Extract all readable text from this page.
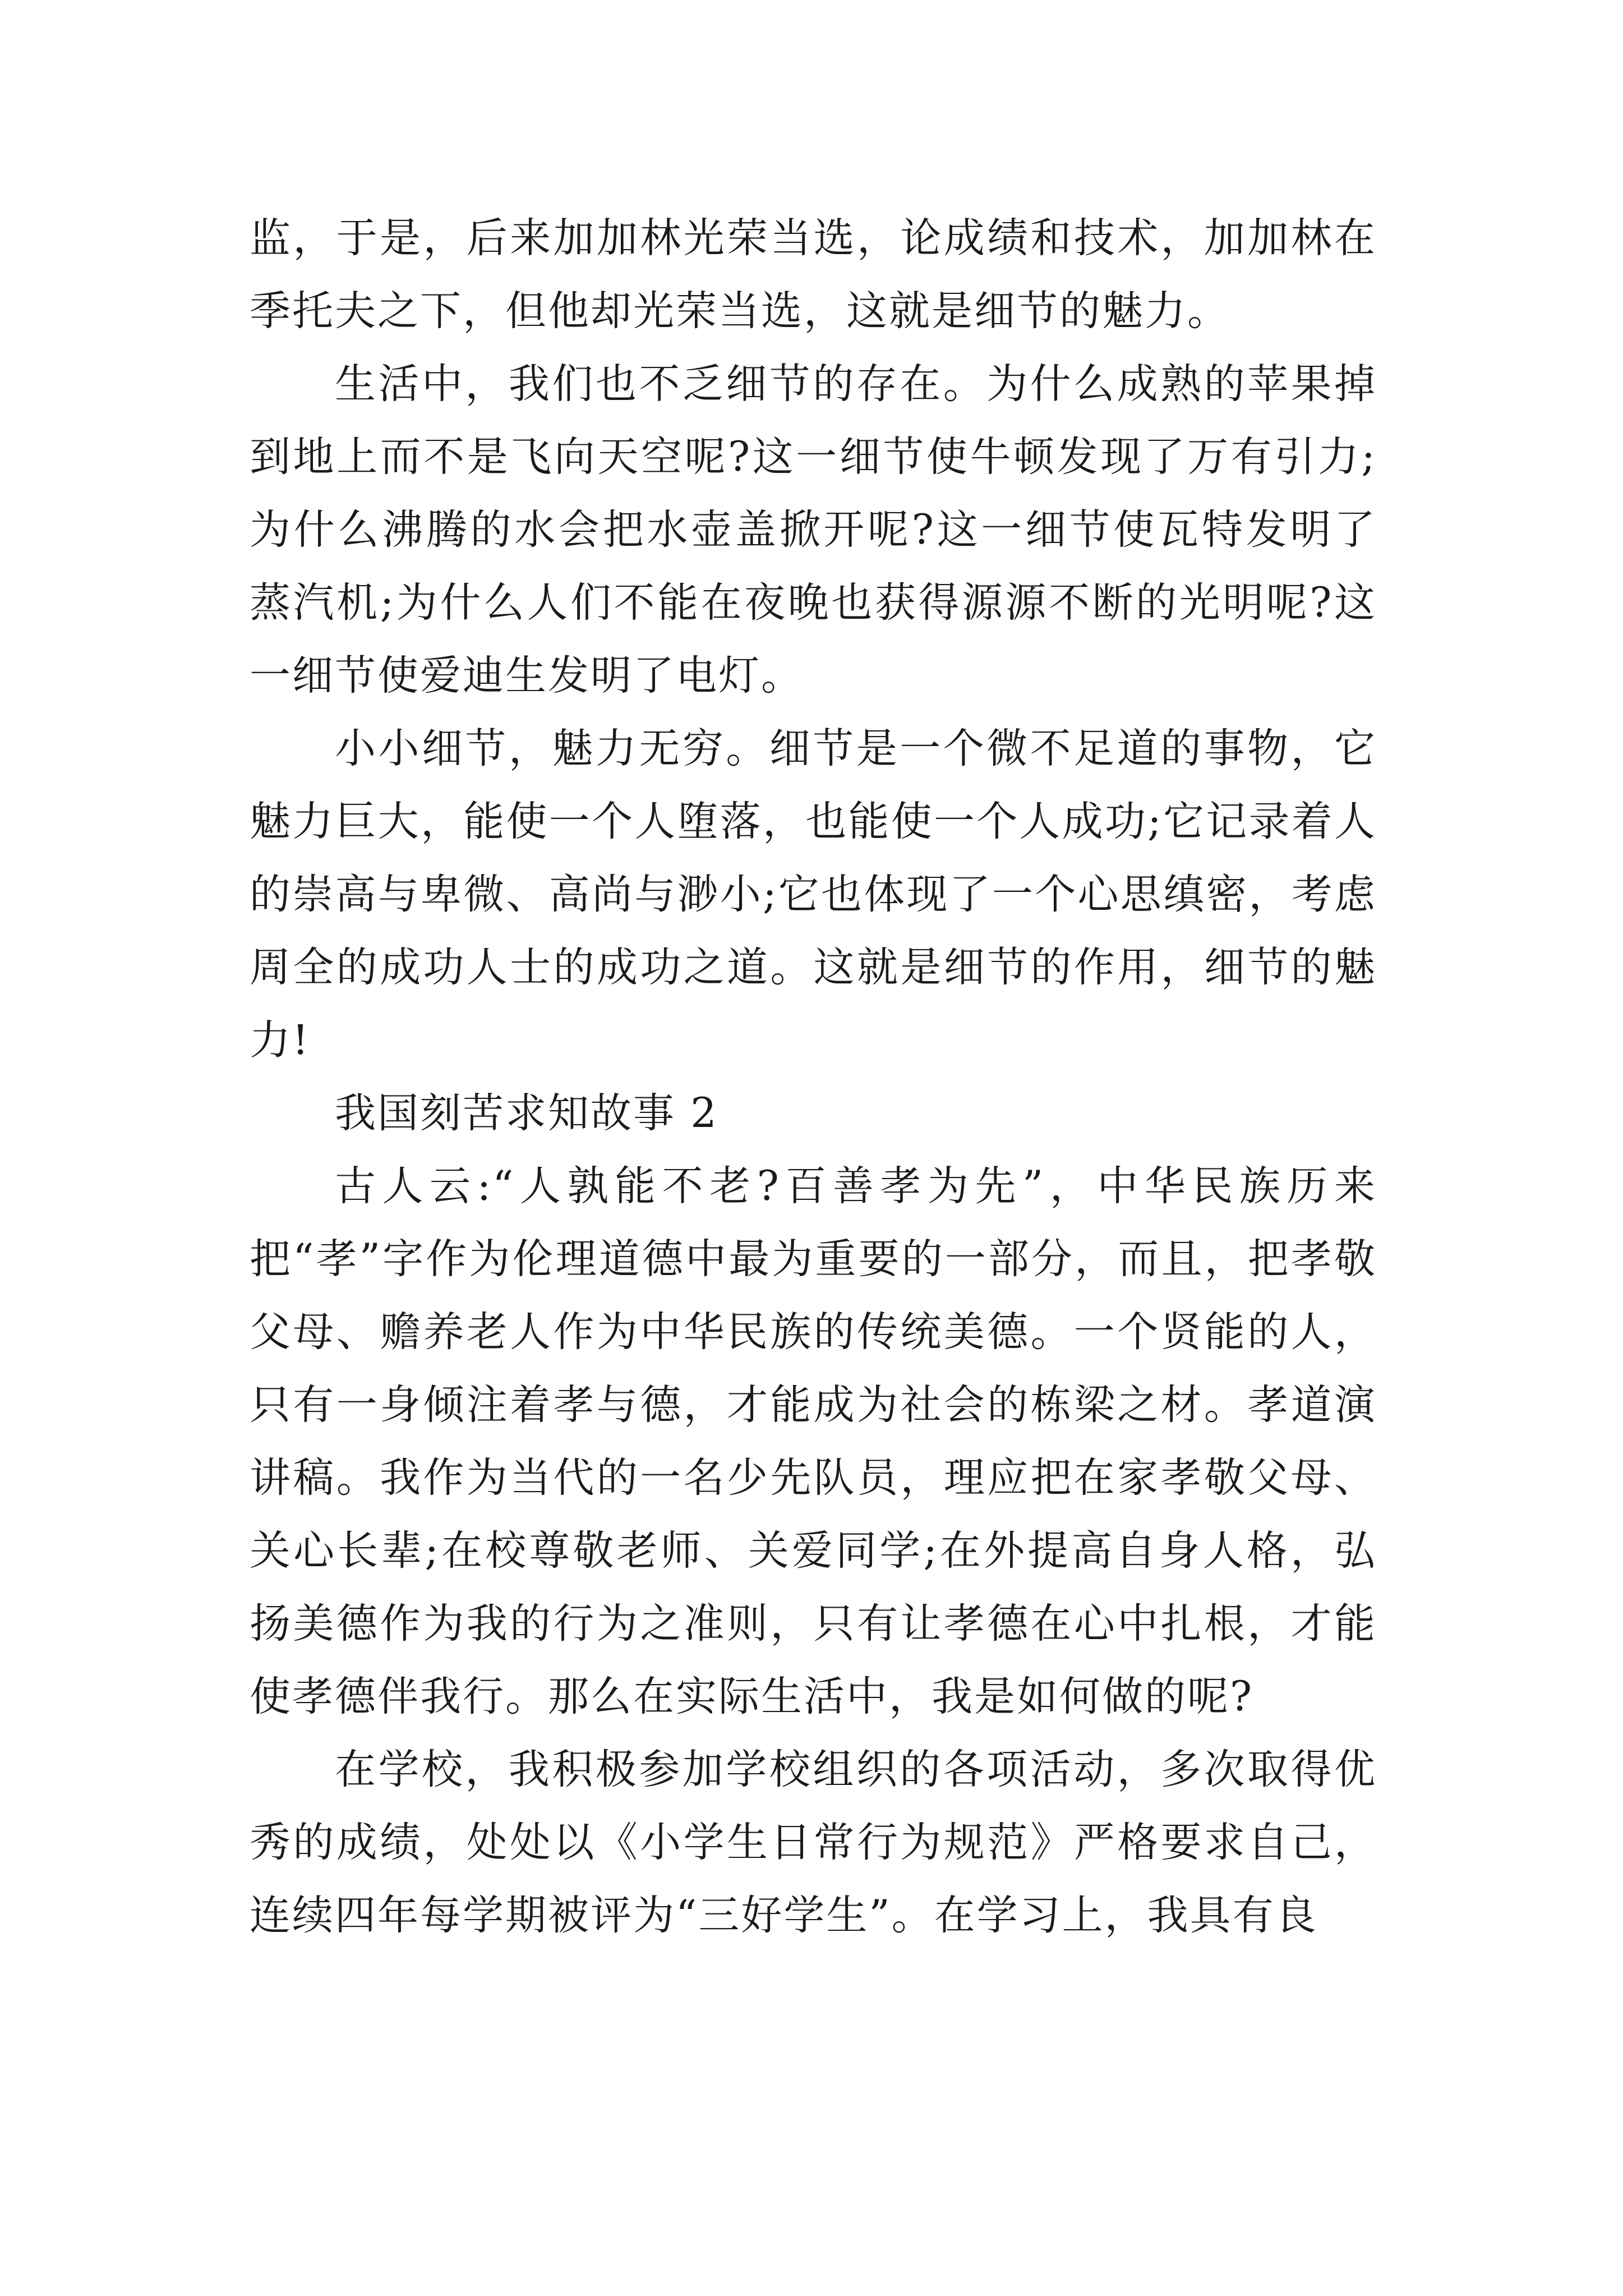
监，于是，后来加加林光荣当选，论成绩和技术，加加林在季托夫之下，但他却光荣当选，这就是细节的魅力。

生活中，我们也不乏细节的存在。为什么成熟的苹果掉到地上而不是飞向天空呢?这一细节使牛顿发现了万有引力;为什么沸腾的水会把水壶盖掀开呢?这一细节使瓦特发明了蒸汽机;为什么人们不能在夜晚也获得源源不断的光明呢?这一细节使爱迪生发明了电灯。

小小细节，魅力无穷。细节是一个微不足道的事物，它魅力巨大，能使一个人堕落，也能使一个人成功;它记录着人的崇高与卑微、高尚与渺小;它也体现了一个心思缜密，考虑周全的成功人士的成功之道。这就是细节的作用，细节的魅力!

我国刻苦求知故事 2

古人云:“人孰能不老?百善孝为先”，中华民族历来把“孝”字作为伦理道德中最为重要的一部分，而且，把孝敬父母、赡养老人作为中华民族的传统美德。一个贤能的人，只有一身倾注着孝与德，才能成为社会的栋梁之材。孝道演讲稿。我作为当代的一名少先队员，理应把在家孝敬父母、关心长辈;在校尊敬老师、关爱同学;在外提高自身人格，弘扬美德作为我的行为之准则，只有让孝德在心中扎根，才能使孝德伴我行。那么在实际生活中，我是如何做的呢?

在学校，我积极参加学校组织的各项活动，多次取得优秀的成绩，处处以《小学生日常行为规范》严格要求自己，连续四年每学期被评为“三好学生”。在学习上，我具有良
